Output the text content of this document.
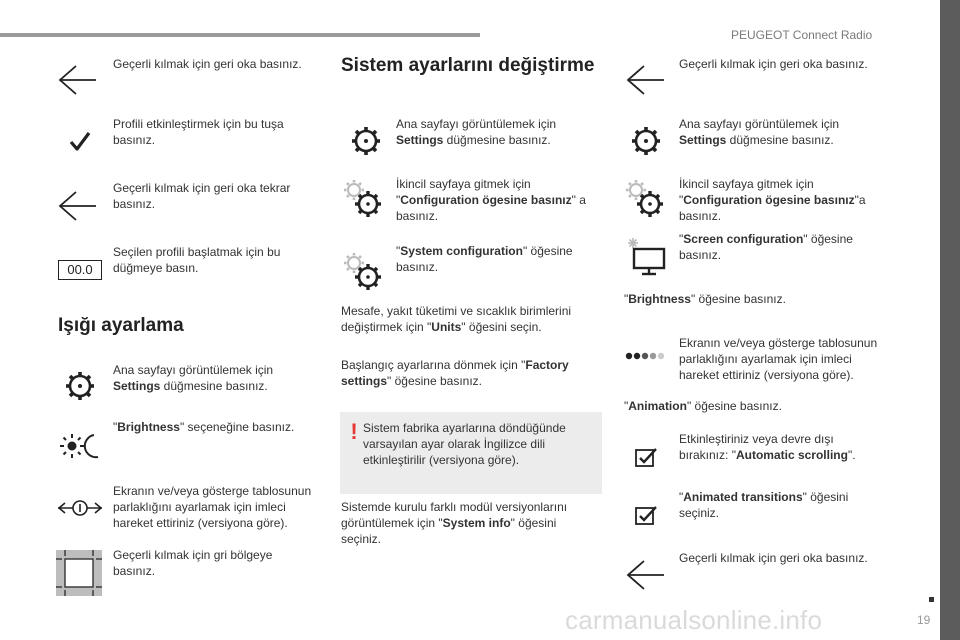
PEUGEOT Connect Radio
19
carmanualsonline.info
Geçerli kılmak için geri oka basınız.
Profili etkinleştirmek için bu tuşa basınız.
Geçerli kılmak için geri oka tekrar basınız.
00.0
Seçilen profili başlatmak için bu düğmeye basın.
Işığı ayarlama
Ana sayfayı görüntülemek için Settings düğmesine basınız.
"Brightness" seçeneğine basınız.
Ekranın ve/veya gösterge tablosunun parlaklığını ayarlamak için imleci hareket ettiriniz (versiyona göre).
Geçerli kılmak için gri bölgeye basınız.
Sistem ayarlarını değiştirme
Ana sayfayı görüntülemek için Settings düğmesine basınız.
İkincil sayfaya gitmek için "Configuration ögesine basınız" a basınız.
"System configuration" öğesine basınız.
Mesafe, yakıt tüketimi ve sıcaklık birimlerini değiştirmek için "Units" öğesini seçin.
Başlangıç ayarlarına dönmek için "Factory settings" öğesine basınız.
! Sistem fabrika ayarlarına döndüğünde varsayılan ayar olarak İngilizce dili etkinleştirilir (versiyona göre).
Sistemde kurulu farklı modül versiyonlarını görüntülemek için "System info" öğesini seçiniz.
Geçerli kılmak için geri oka basınız.
Ana sayfayı görüntülemek için Settings düğmesine basınız.
İkincil sayfaya gitmek için "Configuration ögesine basınız"a basınız.
"Screen configuration" öğesine basınız.
"Brightness" öğesine basınız.
Ekranın ve/veya gösterge tablosunun parlaklığını ayarlamak için imleci hareket ettiriniz (versiyona göre).
"Animation" öğesine basınız.
Etkinleştiriniz veya devre dışı bırakınız: "Automatic scrolling".
"Animated transitions" öğesini seçiniz.
Geçerli kılmak için geri oka basınız.
